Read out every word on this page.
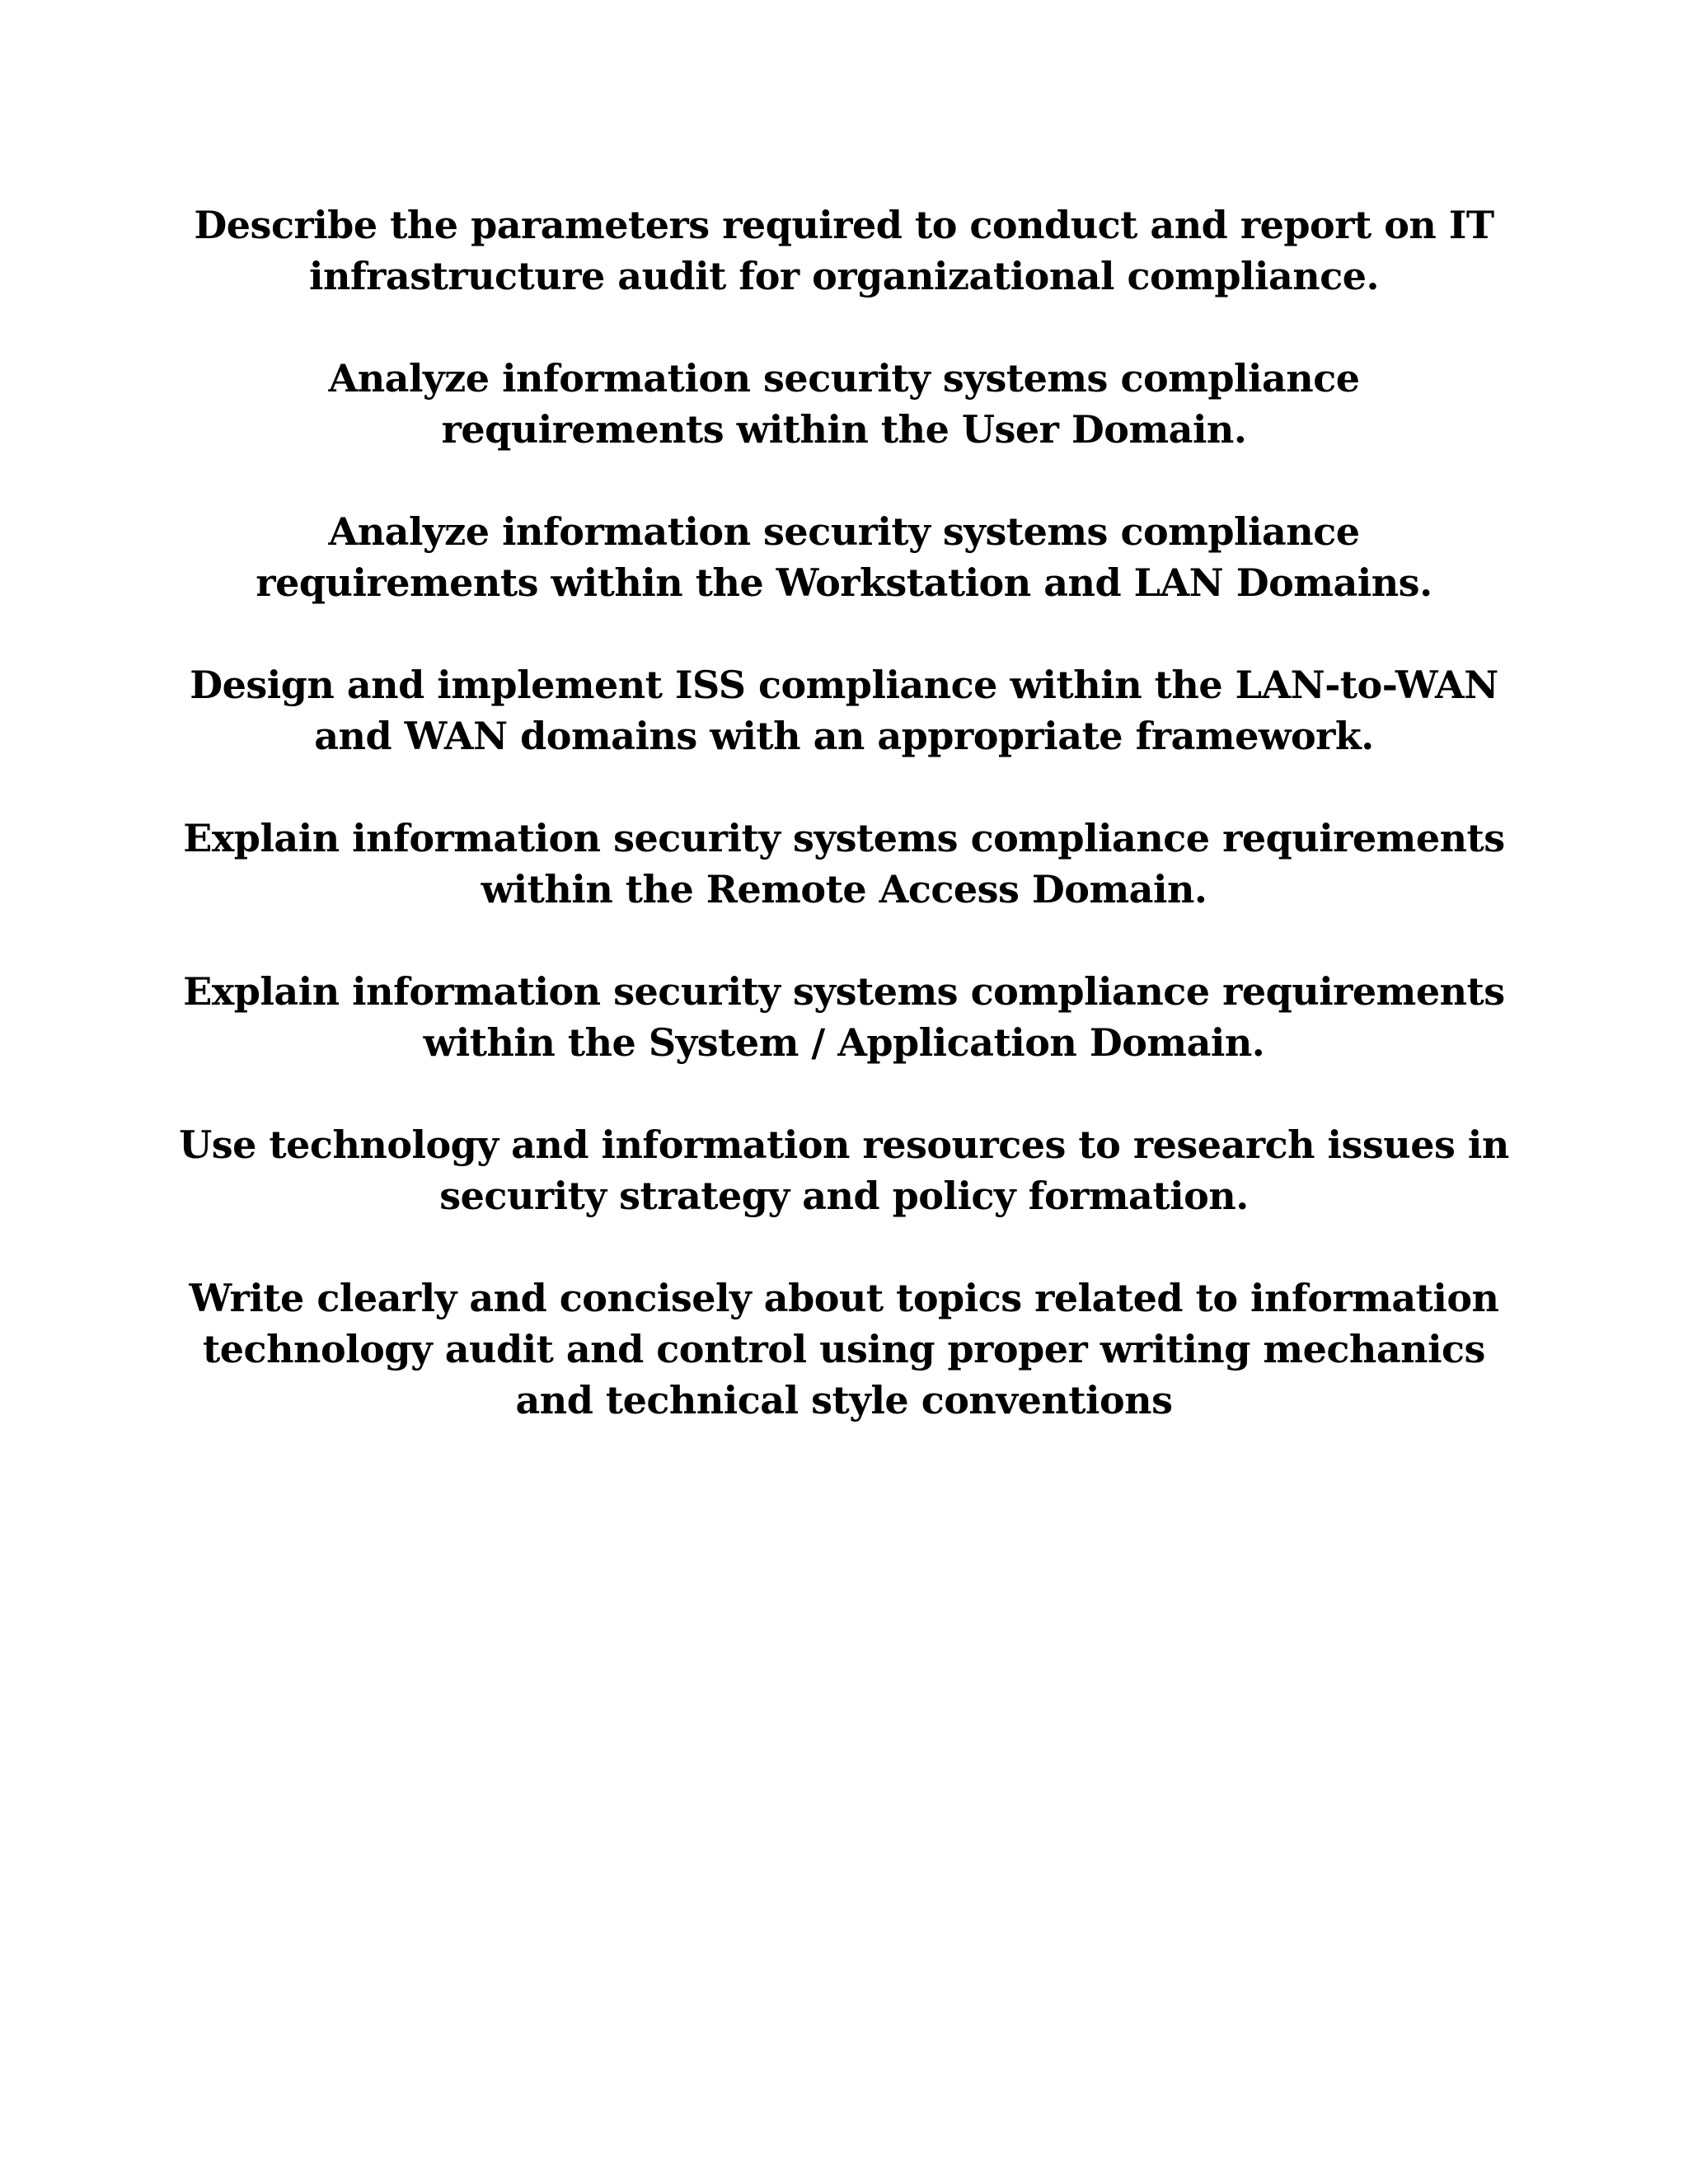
Describe the parameters required to conduct and report on IT
infrastructure audit for organizational compliance.
Analyze information security systems compliance
requirements within the User Domain.
Analyze information security systems compliance
requirements within the Workstation and LAN Domains.
Design and implement ISS compliance within the LAN-to-WAN
and WAN domains with an appropriate framework.
Explain information security systems compliance requirements
within the Remote Access Domain.
Explain information security systems compliance requirements
within the System / Application Domain.
Use technology and information resources to research issues in
security strategy and policy formation.
Write clearly and concisely about topics related to information
technology audit and control using proper writing mechanics
and technical style conventions
